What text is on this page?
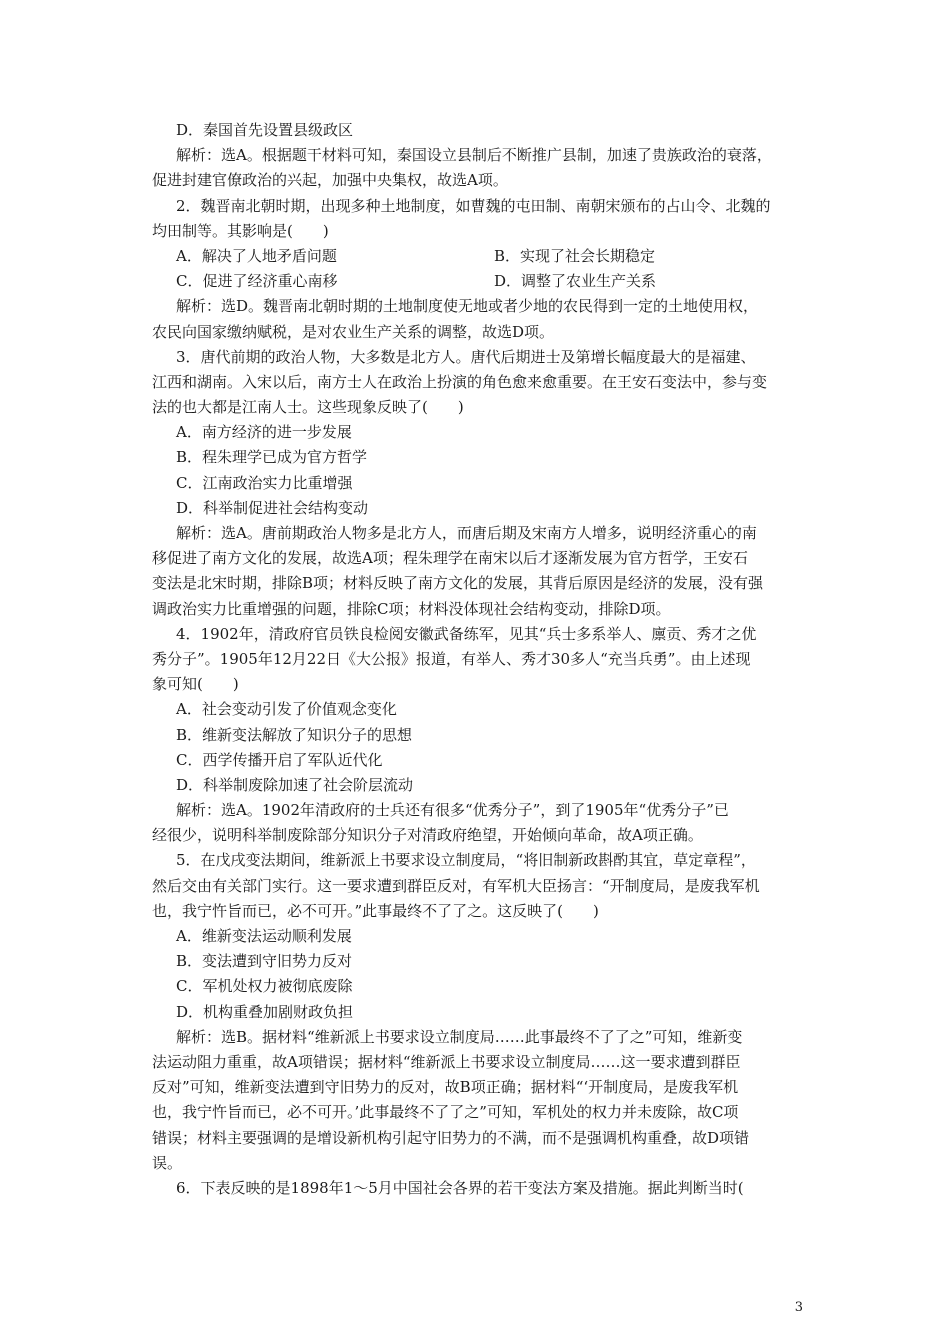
D．秦国首先设置县级政区
解析：选A。根据题干材料可知，秦国设立县制后不断推广县制，加速了贵族政治的衰落，
促进封建官僚政治的兴起，加强中央集权，故选A项。
2．魏晋南北朝时期，出现多种土地制度，如曹魏的屯田制、南朝宋颁布的占山令、北魏的
均田制等。其影响是(　　)
A．解决了人地矛盾问题	B．实现了社会长期稳定
C．促进了经济重心南移	D．调整了农业生产关系
解析：选D。魏晋南北朝时期的土地制度使无地或者少地的农民得到一定的土地使用权，
农民向国家缴纳赋税，是对农业生产关系的调整，故选D项。
3．唐代前期的政治人物，大多数是北方人。唐代后期进士及第增长幅度最大的是福建、
江西和湖南。入宋以后，南方士人在政治上扮演的角色愈来愈重要。在王安石变法中，参与变
法的也大都是江南人士。这些现象反映了(　　)
A．南方经济的进一步发展
B．程朱理学已成为官方哲学
C．江南政治实力比重增强
D．科举制促进社会结构变动
解析：选A。唐前期政治人物多是北方人，而唐后期及宋南方人增多，说明经济重心的南
移促进了南方文化的发展，故选A项；程朱理学在南宋以后才逐渐发展为官方哲学，王安石
变法是北宋时期，排除B项；材料反映了南方文化的发展，其背后原因是经济的发展，没有强
调政治实力比重增强的问题，排除C项；材料没体现社会结构变动，排除D项。
4．1902年，清政府官员铁良检阅安徽武备练军，见其“兵士多系举人、廪贡、秀才之优
秀分子”。1905年12月22日《大公报》报道，有举人、秀才30多人“充当兵勇”。由上述现
象可知(　　)
A．社会变动引发了价值观念变化
B．维新变法解放了知识分子的思想
C．西学传播开启了军队近代化
D．科举制废除加速了社会阶层流动
解析：选A。1902年清政府的士兵还有很多“优秀分子”，到了1905年“优秀分子”已
经很少，说明科举制废除部分知识分子对清政府绝望，开始倾向革命，故A项正确。
5．在戊戌变法期间，维新派上书要求设立制度局，“将旧制新政斟酌其宜，草定章程”，
然后交由有关部门实行。这一要求遭到群臣反对，有军机大臣扬言：“开制度局，是废我军机
也，我宁忤旨而已，必不可开。”此事最终不了了之。这反映了(　　)
A．维新变法运动顺利发展
B．变法遭到守旧势力反对
C．军机处权力被彻底废除
D．机构重叠加剧财政负担
解析：选B。据材料“维新派上书要求设立制度局……此事最终不了了之”可知，维新变
法运动阻力重重，故A项错误；据材料“维新派上书要求设立制度局……这一要求遭到群臣
反对”可知，维新变法遭到守旧势力的反对，故B项正确；据材料“‘开制度局，是废我军机
也，我宁忤旨而已，必不可开。’此事最终不了了之”可知，军机处的权力并未废除，故C项
错误；材料主要强调的是增设新机构引起守旧势力的不满，而不是强调机构重叠，故D项错
误。
6．下表反映的是1898年1～5月中国社会各界的若干变法方案及措施。据此判断当时(
3
